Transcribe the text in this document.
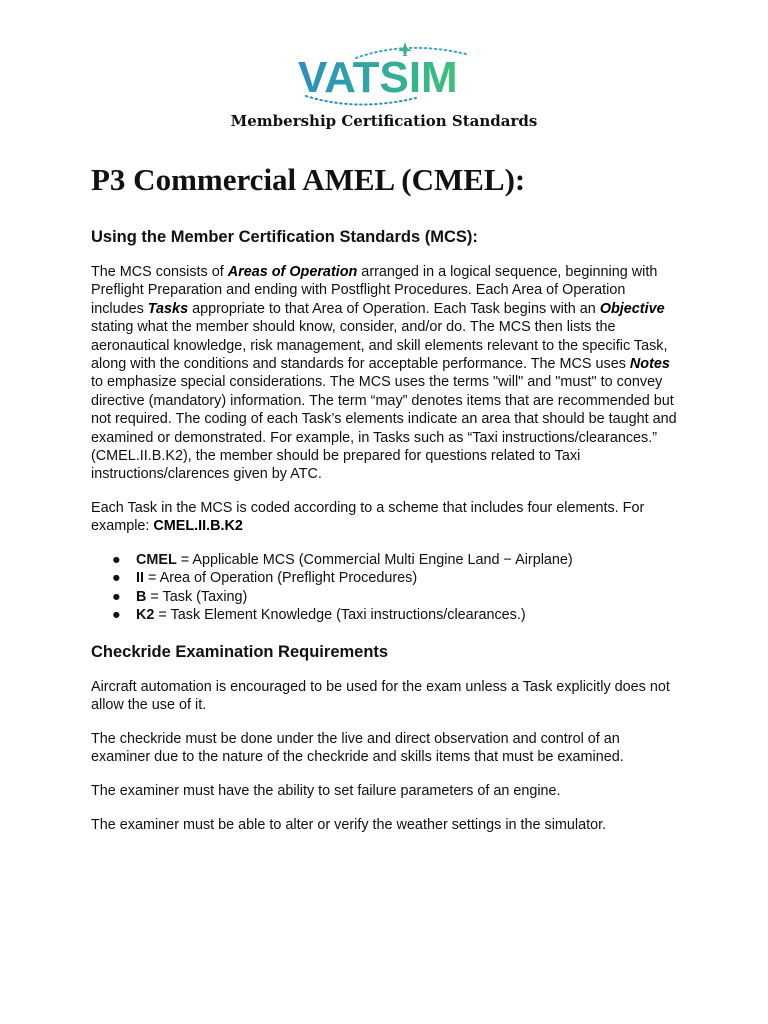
VATSIM
Membership Certification Standards
P3 Commercial AMEL (CMEL):
Using the Member Certification Standards (MCS):

The MCS consists of Areas of Operation arranged in a logical sequence, beginning with Preflight Preparation and ending with Postflight Procedures. Each Area of Operation includes Tasks appropriate to that Area of Operation. Each Task begins with an Objective stating what the member should know, consider, and/or do. The MCS then lists the aeronautical knowledge, risk management, and skill elements relevant to the specific Task, along with the conditions and standards for acceptable performance. The MCS uses Notes to emphasize special considerations. The MCS uses the terms "will" and "must" to convey directive (mandatory) information. The term “may” denotes items that are recommended but not required. The coding of each Task’s elements indicate an area that should be taught and examined or demonstrated. For example, in Tasks such as “Taxi instructions/clearances.” (CMEL.II.B.K2), the member should be prepared for questions related to Taxi instructions/clarences given by ATC.

Each Task in the MCS is coded according to a scheme that includes four elements. For example: CMEL.II.B.K2

● CMEL = Applicable MCS (Commercial Multi Engine Land − Airplane)
● II = Area of Operation (Preflight Procedures)
● B = Task (Taxing)
● K2 = Task Element Knowledge (Taxi instructions/clearances.)
Checkride Examination Requirements

Aircraft automation is encouraged to be used for the exam unless a Task explicitly does not allow the use of it.

The checkride must be done under the live and direct observation and control of an examiner due to the nature of the checkride and skills items that must be examined.

The examiner must have the ability to set failure parameters of an engine.

The examiner must be able to alter or verify the weather settings in the simulator.
